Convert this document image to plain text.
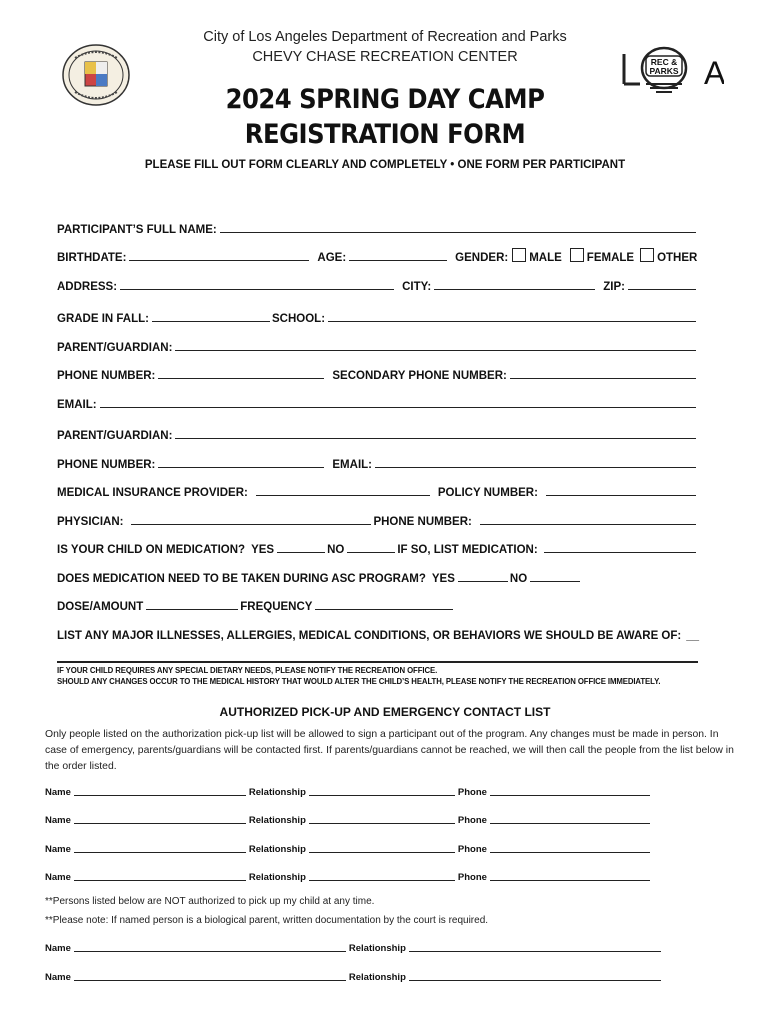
City of Los Angeles Department of Recreation and Parks
CHEVY CHASE RECREATION CENTER	REC &
PARKS A
2024 SPRING DAY CAMP
REGISTRATION FORM
PLEASE FILL OUT FORM CLEARLY AND COMPLETELY • ONE FORM PER PARTICIPANT
PARTICIPANT’S FULL NAME:
BIRTHDATE:	AGE:	GENDER: MALE FEMALE OTHER
ADDRESS:	CITY:	ZIP:
GRADE IN FALL:	SCHOOL:
PARENT/GUARDIAN:
PHONE NUMBER:	SECONDARY PHONE NUMBER:
EMAIL:
PARENT/GUARDIAN:
PHONE NUMBER:	EMAIL:
MEDICAL INSURANCE PROVIDER:	POLICY NUMBER:
PHYSICIAN:	PHONE NUMBER:
IS YOUR CHILD ON MEDICATION? YES	NO	IF SO, LIST MEDICATION:
DOES MEDICATION NEED TO BE TAKEN DURING ASC PROGRAM? YES	NO
DOSE/AMOUNT	FREQUENCY
LIST ANY MAJOR ILLNESSES, ALLERGIES, MEDICAL CONDITIONS, OR BEHAVIORS WE SHOULD BE AWARE OF: __
IF YOUR CHILD REQUIRES ANY SPECIAL DIETARY NEEDS, PLEASE NOTIFY THE RECREATION OFFICE.
SHOULD ANY CHANGES OCCUR TO THE MEDICAL HISTORY THAT WOULD ALTER THE CHILD’S HEALTH, PLEASE NOTIFY THE RECREATION OFFICE IMMEDIATELY.
AUTHORIZED PICK-UP AND EMERGENCY CONTACT LIST
Only people listed on the authorization pick-up list will be allowed to sign a participant out of the program. Any changes must be made in person. In case of emergency, parents/guardians will be contacted first. If parents/guardians cannot be reached, we will then call the people from the list below in the order listed.
Name	Relationship	Phone
Name	Relationship	Phone
Name	Relationship	Phone
Name	Relationship	Phone
**Persons listed below are NOT authorized to pick up my child at any time.
**Please note: If named person is a biological parent, written documentation by the court is required.
Name	Relationship
Name	Relationship
